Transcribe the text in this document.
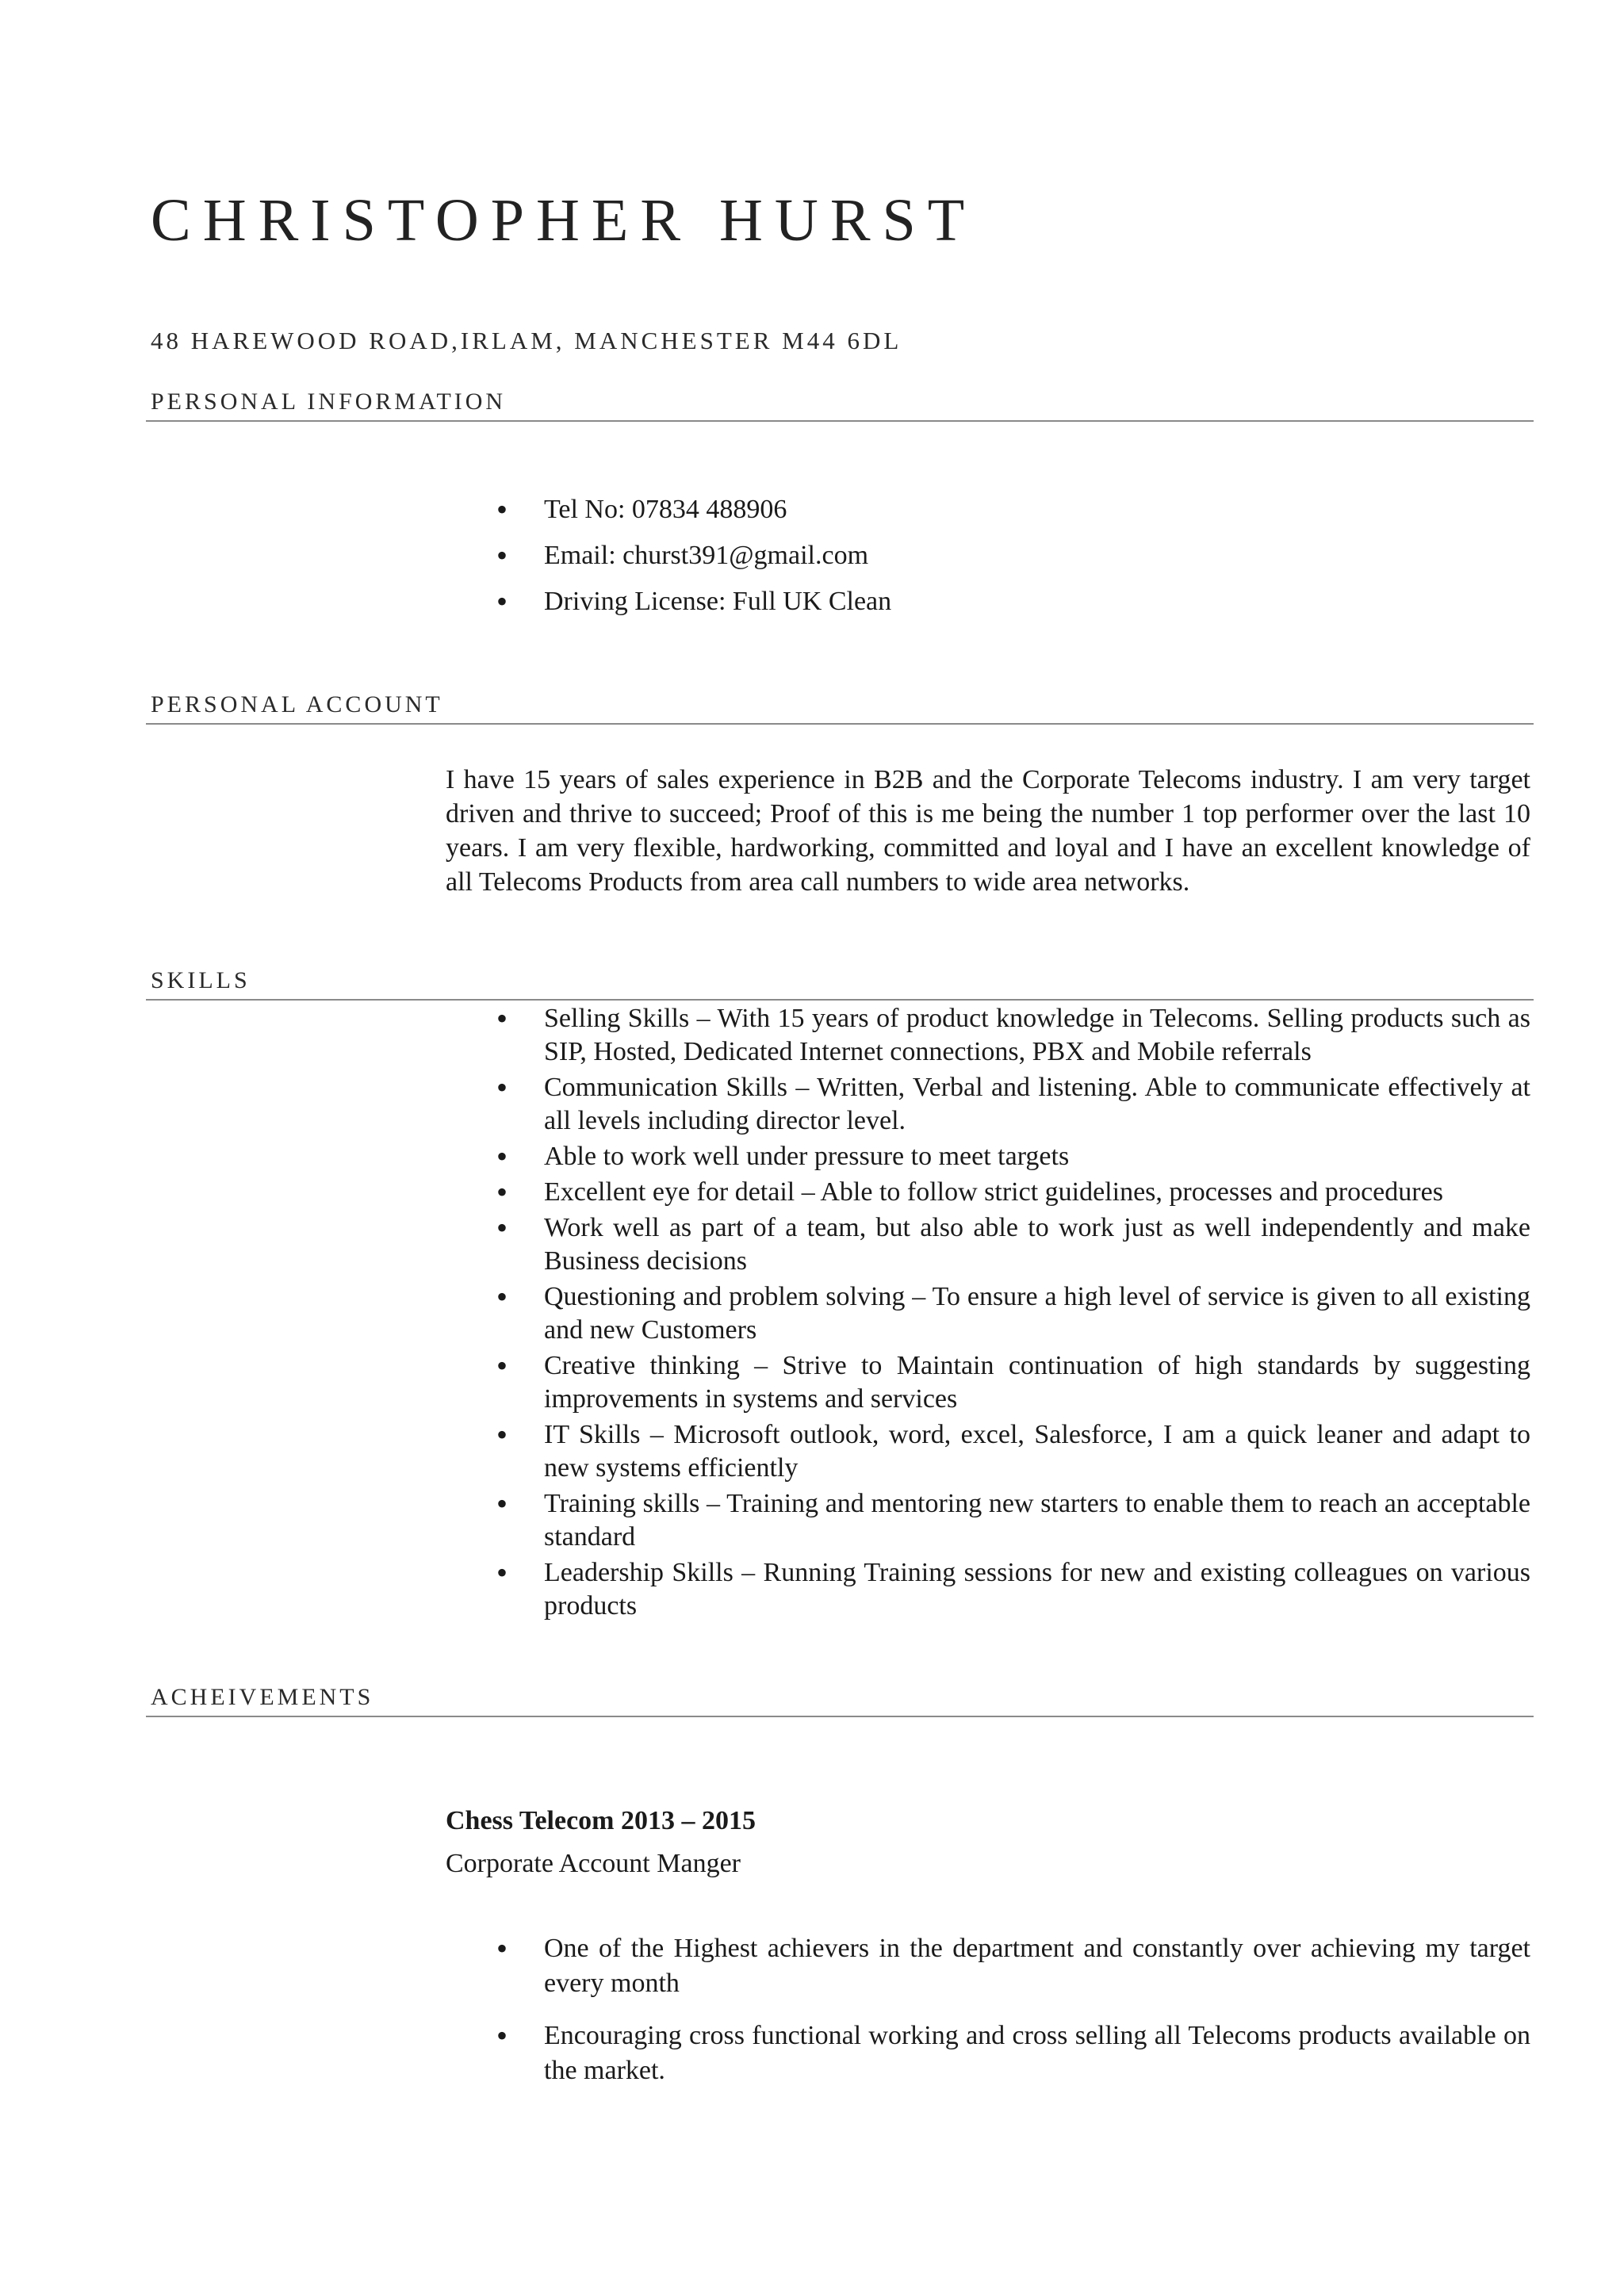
CHRISTOPHER HURST

48 HAREWOOD ROAD,IRLAM, MANCHESTER M44 6DL

PERSONAL INFORMATION
• Tel No: 07834 488906
• Email: churst391@gmail.com
• Driving License: Full UK Clean
PERSONAL ACCOUNT

I have 15 years of sales experience in B2B and the Corporate Telecoms industry. I am very target driven and thrive to succeed; Proof of this is me being the number 1 top performer over the last 10 years. I am very flexible, hardworking, committed and loyal and I have an excellent knowledge of all Telecoms Products from area call numbers to wide area networks.

SKILLS
• Selling Skills – With 15 years of product knowledge in Telecoms. Selling products such as SIP, Hosted, Dedicated Internet connections, PBX and Mobile referrals
• Communication Skills – Written, Verbal and listening. Able to communicate effectively at all levels including director level.
• Able to work well under pressure to meet targets
• Excellent eye for detail – Able to follow strict guidelines, processes and procedures
• Work well as part of a team, but also able to work just as well independently and make Business decisions
• Questioning and problem solving – To ensure a high level of service is given to all existing and new Customers
• Creative thinking – Strive to Maintain continuation of high standards by suggesting improvements in systems and services
• IT Skills – Microsoft outlook, word, excel, Salesforce, I am a quick leaner and adapt to new systems efficiently
• Training skills – Training and mentoring new starters to enable them to reach an acceptable standard
• Leadership Skills – Running Training sessions for new and existing colleagues on various products
ACHEIVEMENTS

Chess Telecom 2013 – 2015

Corporate Account Manger

• One of the Highest achievers in the department and constantly over achieving my target every month
• Encouraging cross functional working and cross selling all Telecoms products available on the market.
